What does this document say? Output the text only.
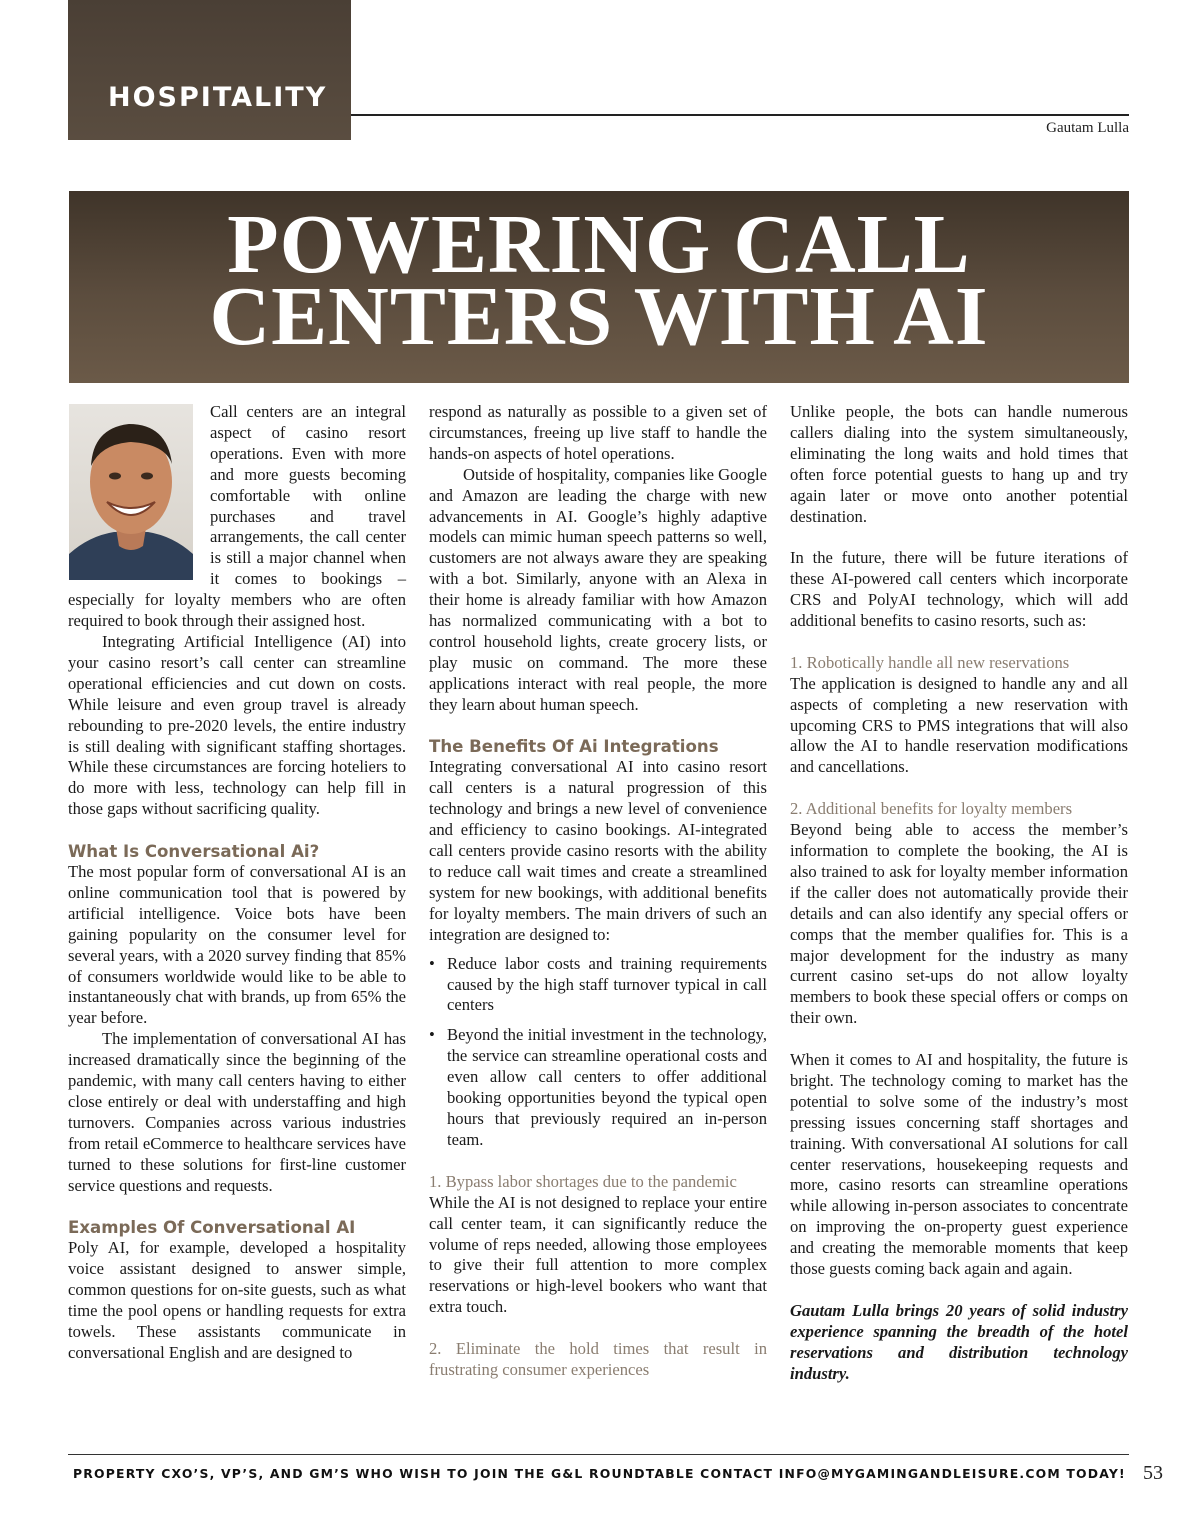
HOSPITALITY
Gautam Lulla
POWERING CALL
CENTERS WITH AI

Call centers are an integral aspect of casino resort operations. Even with more and more guests becoming comfortable with online purchases and travel arrangements, the call center is still a major channel when it comes to bookings – especially for loyalty members who are often required to book through their assigned host.

Integrating Artificial Intelligence (AI) into your casino resort’s call center can streamline operational efficiencies and cut down on costs. While leisure and even group travel is already rebounding to pre-2020 levels, the entire industry is still dealing with significant staffing shortages. While these circumstances are forcing hoteliers to do more with less, technology can help fill in those gaps without sacrificing quality.

What Is Conversational Ai?

The most popular form of conversational AI is an online communication tool that is powered by artificial intelligence. Voice bots have been gaining popularity on the consumer level for several years, with a 2020 survey finding that 85% of consumers worldwide would like to be able to instantaneously chat with brands, up from 65% the year before.

The implementation of conversational AI has increased dramatically since the beginning of the pandemic, with many call centers having to either close entirely or deal with understaffing and high turnovers. Companies across various industries from retail eCommerce to healthcare services have turned to these solutions for first-line customer service questions and requests.

Examples Of Conversational AI

Poly AI, for example, developed a hospitality voice assistant designed to answer simple, common questions for on-site guests, such as what time the pool opens or handling requests for extra towels. These assistants communicate in conversational English and are designed to

respond as naturally as possible to a given set of circumstances, freeing up live staff to handle the hands-on aspects of hotel operations.

Outside of hospitality, companies like Google and Amazon are leading the charge with new advancements in AI. Google’s highly adaptive models can mimic human speech patterns so well, customers are not always aware they are speaking with a bot. Similarly, anyone with an Alexa in their home is already familiar with how Amazon has normalized communicating with a bot to control household lights, create grocery lists, or play music on command. The more these applications interact with real people, the more they learn about human speech.

The Benefits Of Ai Integrations

Integrating conversational AI into casino resort call centers is a natural progression of this technology and brings a new level of convenience and efficiency to casino bookings. AI-integrated call centers provide casino resorts with the ability to reduce call wait times and create a streamlined system for new bookings, with additional benefits for loyalty members. The main drivers of such an integration are designed to:

• Reduce labor costs and training requirements caused by the high staff turnover typical in call centers
• Beyond the initial investment in the technology, the service can streamline operational costs and even allow call centers to offer additional booking opportunities beyond the typical open hours that previously required an in-person team.

1. Bypass labor shortages due to the pandemic

While the AI is not designed to replace your entire call center team, it can significantly reduce the volume of reps needed, allowing those employees to give their full attention to more complex reservations or high-level bookers who want that extra touch.

2. Eliminate the hold times that result in frustrating consumer experiences

Unlike people, the bots can handle numerous callers dialing into the system simultaneously, eliminating the long waits and hold times that often force potential guests to hang up and try again later or move onto another potential destination.

In the future, there will be future iterations of these AI-powered call centers which incorporate CRS and PolyAI technology, which will add additional benefits to casino resorts, such as:

1. Robotically handle all new reservations

The application is designed to handle any and all aspects of completing a new reservation with upcoming CRS to PMS integrations that will also allow the AI to handle reservation modifications and cancellations.

2. Additional benefits for loyalty members

Beyond being able to access the member’s information to complete the booking, the AI is also trained to ask for loyalty member information if the caller does not automatically provide their details and can also identify any special offers or comps that the member qualifies for. This is a major development for the industry as many current casino set-ups do not allow loyalty members to book these special offers or comps on their own.

When it comes to AI and hospitality, the future is bright. The technology coming to market has the potential to solve some of the industry’s most pressing issues concerning staff shortages and training. With conversational AI solutions for call center reservations, housekeeping requests and more, casino resorts can streamline operations while allowing in-person associates to concentrate on improving the on-property guest experience and creating the memorable moments that keep those guests coming back again and again.

Gautam Lulla brings 20 years of solid industry experience spanning the breadth of the hotel reservations and distribution technology industry.

PROPERTY CXO’S, VP’S, AND GM’S WHO WISH TO JOIN THE G&L ROUNDTABLE CONTACT INFO@MYGAMINGANDLEISURE.COM TODAY! 53
